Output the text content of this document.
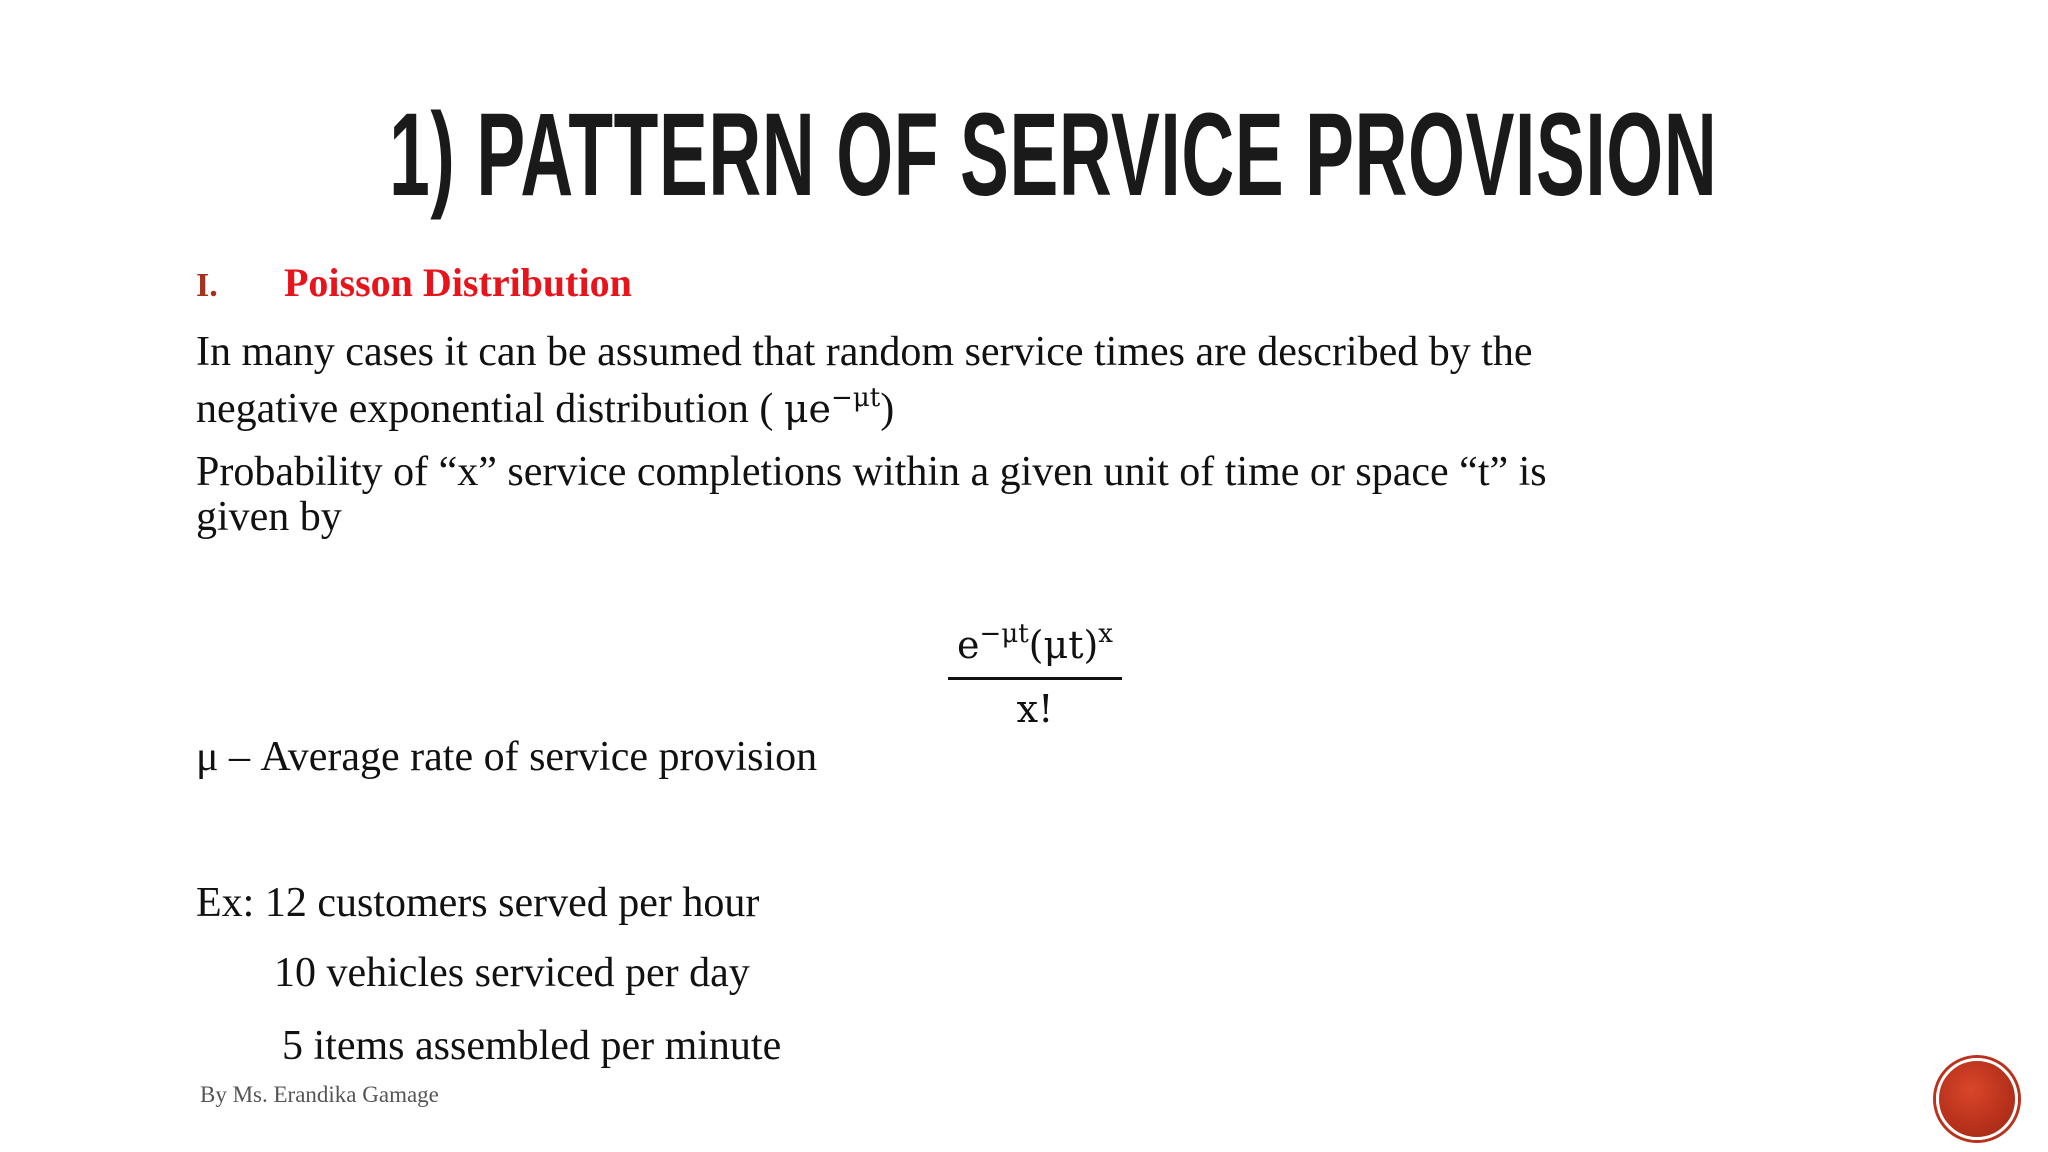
1) PATTERN OF SERVICE PROVISION
I. Poisson Distribution
In many cases it can be assumed that random service times are described by the
negative exponential distribution ( $\mu e^{-\mu t}$)
Probability of “x” service completions within a given unit of time or space “t” is
given by
$e^{-\mu t}(\mu t)^x$
x!
μ – Average rate of service provision
Ex: 12 customers served per hour
10 vehicles serviced per day
5 items assembled per minute
By Ms. Erandika Gamage
